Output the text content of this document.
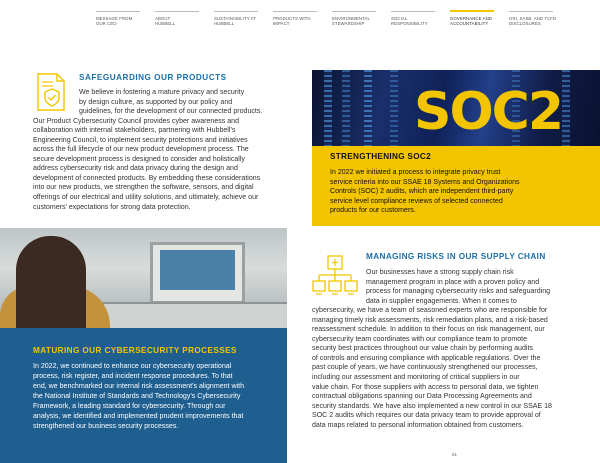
MESSAGE FROM
OUR CEO
ABOUT
HUBBELL
SUSTAINABILITY AT
HUBBELL
PRODUCTS WITH
IMPACT
ENVIRONMENTAL
STEWARDSHIP
SOCIAL
RESPONSIBILITY
GOVERNANCE AND
ACCOUNTABILITY
GRI, SASB, AND TCFD
DISCLOSURES
SAFEGUARDING OUR PRODUCTS

We believe in fostering a mature privacy and security

by design culture, as supported by our policy and

guidelines, for the development of our connected products.

Our Product Cybersecurity Council provides cyber awareness and

collaboration with internal stakeholders, partnering with Hubbell’s

Engineering Council, to implement security protections and initiatives

across the full lifecycle of our new product development process. The

secure development process is designed to consider and holistically

address cybersecurity risk and data privacy during the design and

development of connected products. By embedding these considerations

into our new products, we strengthen the software, sensors, and digital

offerings of our electrical and utility solutions, and ultimately, achieve our

customers’ expectations for strong data protection.

SOC2
STRENGTHENING SOC2

In 2022 we initiated a process to integrate privacy trust

service criteria into our SSAE 18 Systems and Organizations

Controls (SOC) 2 audits, which are independent third-party

service level compliance reviews of selected connected

products for our customers.

MATURING OUR CYBERSECURITY PROCESSES

In 2022, we continued to enhance our cybersecurity operational

process, risk register, and incident response procedures. To that

end, we benchmarked our internal risk assessment’s alignment with

the National Institute of Standards and Technology’s Cybersecurity

Framework, a leading standard for cybersecurity. Through our

analysis, we identified and implemented prudent improvements that

strengthened our business security processes.

MANAGING RISKS IN OUR SUPPLY CHAIN

Our businesses have a strong supply chain risk

management program in place with a proven policy and

process for managing cybersecurity risks and safeguarding

data in supplier engagements. When it comes to

cybersecurity, we have a team of seasoned experts who are responsible for

managing timely risk assessments, risk remediation plans, and a risk-based

reassessment schedule. In addition to their focus on risk management, our

cybersecurity team coordinates with our compliance team to promote

security best practices throughout our value chain by performing audits

of controls and ensuring compliance with applicable regulations. Over the

past couple of years, we have continuously strengthened our processes,

including our assessment and monitoring of critical suppliers in our

value chain. For those suppliers with access to personal data, we tighten

contractual obligations spanning our Data Processing Agreements and

security standards. We have also implemented a new control in our SSAE 18

SOC 2 audits which requires our data privacy team to provide approval of

data maps related to personal information obtained from customers.

61
